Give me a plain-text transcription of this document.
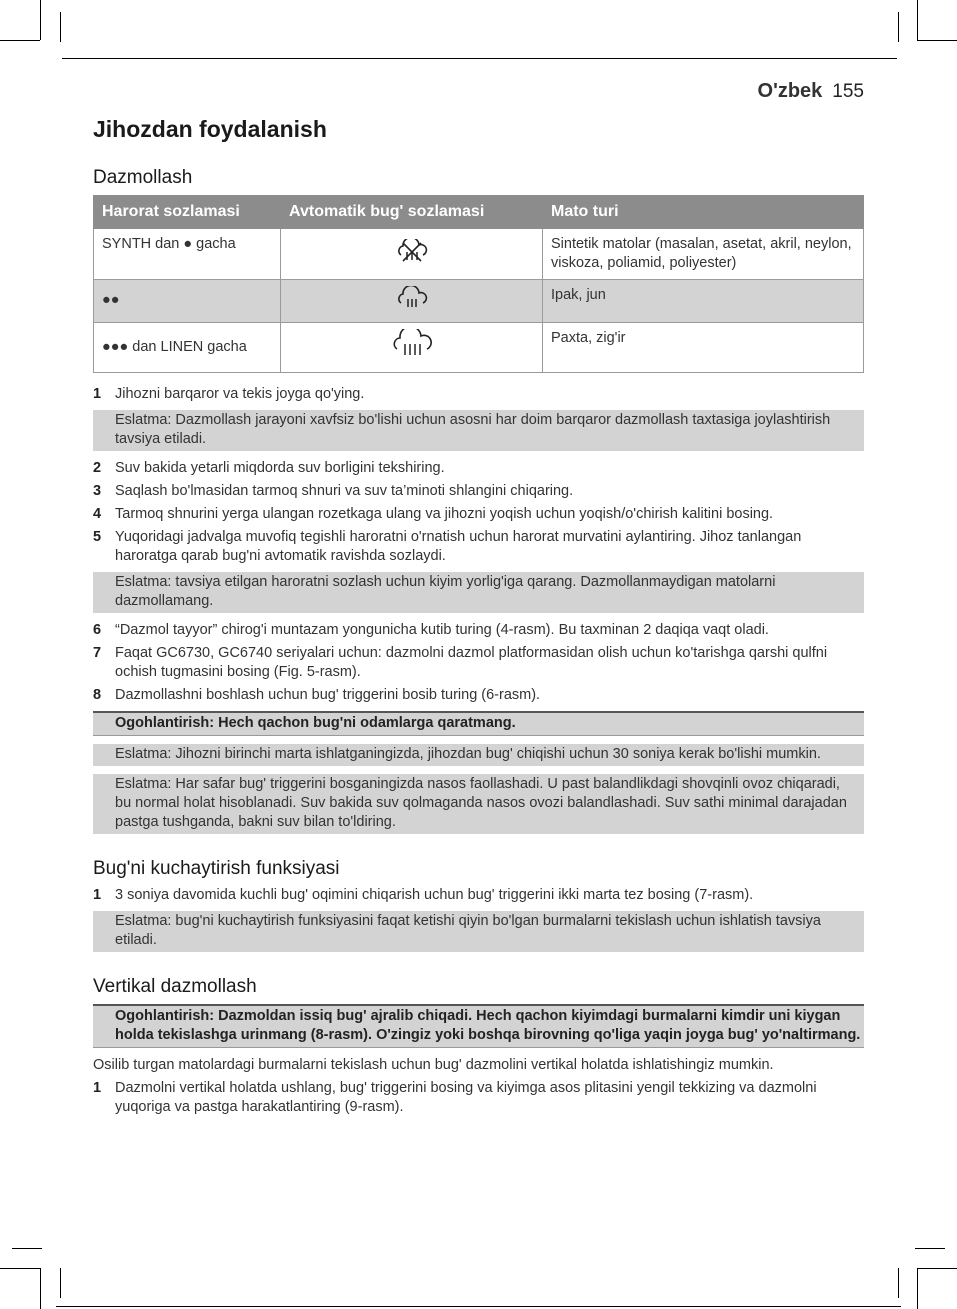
O'zbek 155
Jihozdan foydalanish
Dazmollash
Harorat sozlamasi	Avtomatik bug' sozlamasi	Mato turi
SYNTH dan ● gacha		Sintetik matolar (masalan, asetat, akril, neylon, viskoza, poliamid, poliyester)
●●		Ipak, jun
●●● dan LINEN gacha		Paxta, zig'ir
1 Jihozni barqaror va tekis joyga qo'ying.
Eslatma: Dazmollash jarayoni xavfsiz bo'lishi uchun asosni har doim barqaror dazmollash taxtasiga joylashtirish tavsiya etiladi.
2 Suv bakida yetarli miqdorda suv borligini tekshiring.
3 Saqlash bo'lmasidan tarmoq shnuri va suv ta’minoti shlangini chiqaring.
4 Tarmoq shnurini yerga ulangan rozetkaga ulang va jihozni yoqish uchun yoqish/o'chirish kalitini bosing.
5 Yuqoridagi jadvalga muvofiq tegishli haroratni o'rnatish uchun harorat murvatini aylantiring. Jihoz tanlangan haroratga qarab bug'ni avtomatik ravishda sozlaydi.
Eslatma: tavsiya etilgan haroratni sozlash uchun kiyim yorlig'iga qarang. Dazmollanmaydigan matolarni dazmollamang.
6 “Dazmol tayyor” chirog'i muntazam yongunicha kutib turing (4-rasm). Bu taxminan 2 daqiqa vaqt oladi.
7 Faqat GC6730, GC6740 seriyalari uchun: dazmolni dazmol platformasidan olish uchun ko'tarishga qarshi qulfni ochish tugmasini bosing (Fig. 5-rasm).
8 Dazmollashni boshlash uchun bug' triggerini bosib turing (6-rasm).
Ogohlantirish: Hech qachon bug'ni odamlarga qaratmang.
Eslatma: Jihozni birinchi marta ishlatganingizda, jihozdan bug' chiqishi uchun 30 soniya kerak bo'lishi mumkin.
Eslatma: Har safar bug' triggerini bosganingizda nasos faollashadi. U past balandlikdagi shovqinli ovoz chiqaradi, bu normal holat hisoblanadi. Suv bakida suv qolmaganda nasos ovozi balandlashadi. Suv sathi minimal darajadan pastga tushganda, bakni suv bilan to'ldiring.
Bug'ni kuchaytirish funksiyasi
1 3 soniya davomida kuchli bug' oqimini chiqarish uchun bug' triggerini ikki marta tez bosing (7-rasm).
Eslatma: bug'ni kuchaytirish funksiyasini faqat ketishi qiyin bo'lgan burmalarni tekislash uchun ishlatish tavsiya etiladi.
Vertikal dazmollash
Ogohlantirish: Dazmoldan issiq bug' ajralib chiqadi. Hech qachon kiyimdagi burmalarni kimdir uni kiygan holda tekislashga urinmang (8-rasm). O'zingiz yoki boshqa birovning qo'liga yaqin joyga bug' yo'naltirmang.
Osilib turgan matolardagi burmalarni tekislash uchun bug' dazmolini vertikal holatda ishlatishingiz mumkin.
1 Dazmolni vertikal holatda ushlang, bug' triggerini bosing va kiyimga asos plitasini yengil tekkizing va dazmolni yuqoriga va pastga harakatlantiring (9-rasm).
